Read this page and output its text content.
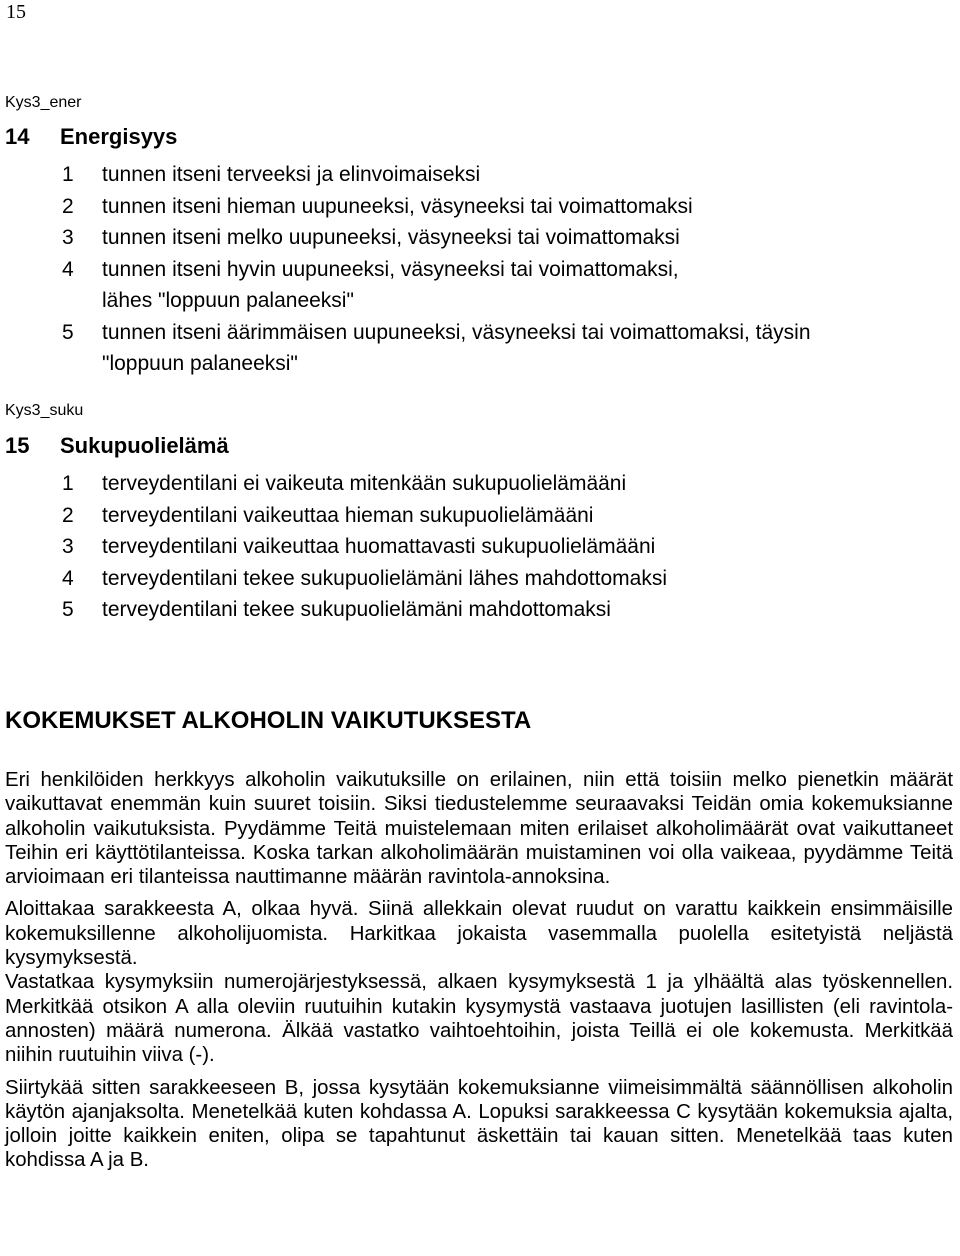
15
Kys3_ener
14 Energisyys
1	tunnen itseni terveeksi ja elinvoimaiseksi
2	tunnen itseni hieman uupuneeksi, väsyneeksi tai voimattomaksi
3	tunnen itseni melko uupuneeksi, väsyneeksi tai voimattomaksi
4	tunnen itseni hyvin uupuneeksi, väsyneeksi tai voimattomaksi,
lähes "loppuun palaneeksi"
5	tunnen itseni äärimmäisen uupuneeksi, väsyneeksi tai voimattomaksi, täysin
"loppuun palaneeksi"
Kys3_suku
15 Sukupuolielämä
1	terveydentilani ei vaikeuta mitenkään sukupuolielämääni
2	terveydentilani vaikeuttaa hieman sukupuolielämääni
3	terveydentilani vaikeuttaa huomattavasti sukupuolielämääni
4	terveydentilani tekee sukupuolielämäni lähes mahdottomaksi
5	terveydentilani tekee sukupuolielämäni mahdottomaksi
KOKEMUKSET ALKOHOLIN VAIKUTUKSESTA

Eri henkilöiden herkkyys alkoholin vaikutuksille on erilainen, niin että toisiin melko pienetkin määrät vaikuttavat enemmän kuin suuret toisiin. Siksi tiedustelemme seuraavaksi Teidän omia kokemuksianne alkoholin vaikutuksista. Pyydämme Teitä muistelemaan miten erilaiset alkoholimäärät ovat vaikuttaneet Teihin eri käyttötilanteissa. Koska tarkan alkoholimäärän muistaminen voi olla vaikeaa, pyydämme Teitä arvioimaan eri tilanteissa nauttimanne määrän ravintola-annoksina.

Aloittakaa sarakkeesta A, olkaa hyvä. Siinä allekkain olevat ruudut on varattu kaikkein ensimmäisille kokemuksillenne alkoholijuomista. Harkitkaa jokaista vasemmalla puolella esitetyistä neljästä kysymyksestä.

Vastatkaa kysymyksiin numerojärjestyksessä, alkaen kysymyksestä 1 ja ylhäältä alas työskennellen. Merkitkää otsikon A alla oleviin ruutuihin kutakin kysymystä vastaava juotujen lasillisten (eli ravintola-annosten) määrä numerona. Älkää vastatko vaihtoehtoihin, joista Teillä ei ole kokemusta. Merkitkää niihin ruutuihin viiva (-).

Siirtykää sitten sarakkeeseen B, jossa kysytään kokemuksianne viimeisimmältä säännöllisen alkoholin käytön ajanjaksolta. Menetelkää kuten kohdassa A. Lopuksi sarakkeessa C kysytään kokemuksia ajalta, jolloin joitte kaikkein eniten, olipa se tapahtunut äskettäin tai kauan sitten. Menetelkää taas kuten kohdissa A ja B.
